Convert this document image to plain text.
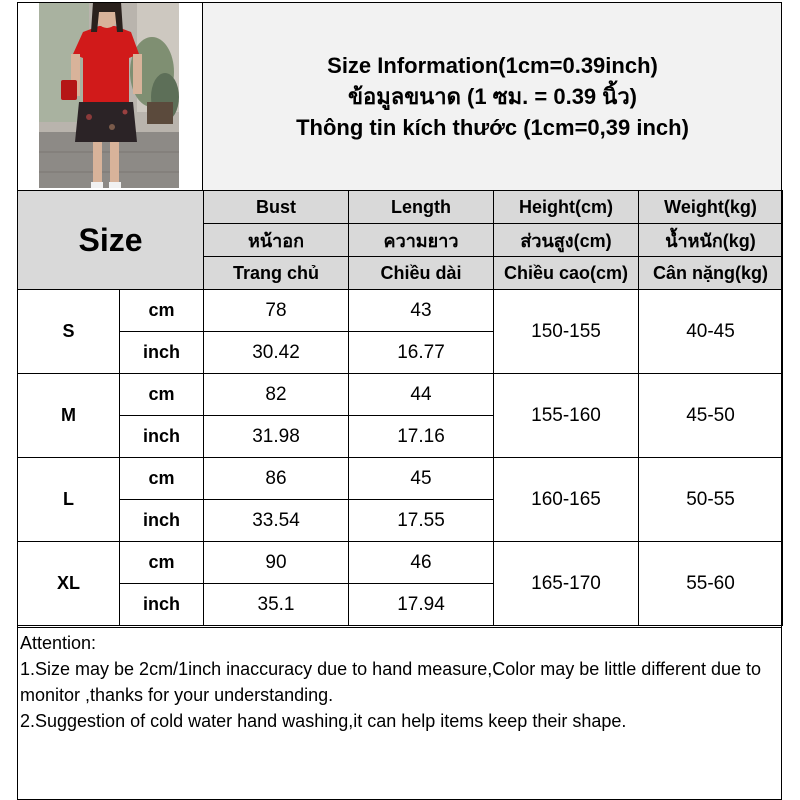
Size Information(1cm=0.39inch)
ข้อมูลขนาด (1 ซม. = 0.39 นิ้ว)
Thông tin kích thước (1cm=0,39 inch)
Size		Bust	Length	Height(cm)	Weight(kg)
		หน้าอก	ความยาว	ส่วนสูง(cm)	น้ำหนัก(kg)
		Trang chủ	Chiều dài	Chiều cao(cm)	Cân nặng(kg)
S	cm	78	43	150-155	40-45
	inch	30.42	16.77		
M	cm	82	44	155-160	45-50
	inch	31.98	17.16		
L	cm	86	45	160-165	50-55
	inch	33.54	17.55		
XL	cm	90	46	165-170	55-60
	inch	35.1	17.94		
Attention:
1.Size may be 2cm/1inch inaccuracy due to hand measure,Color may be little different due to monitor ,thanks for your understanding.
2.Suggestion of cold water hand washing,it can help items keep their shape.
